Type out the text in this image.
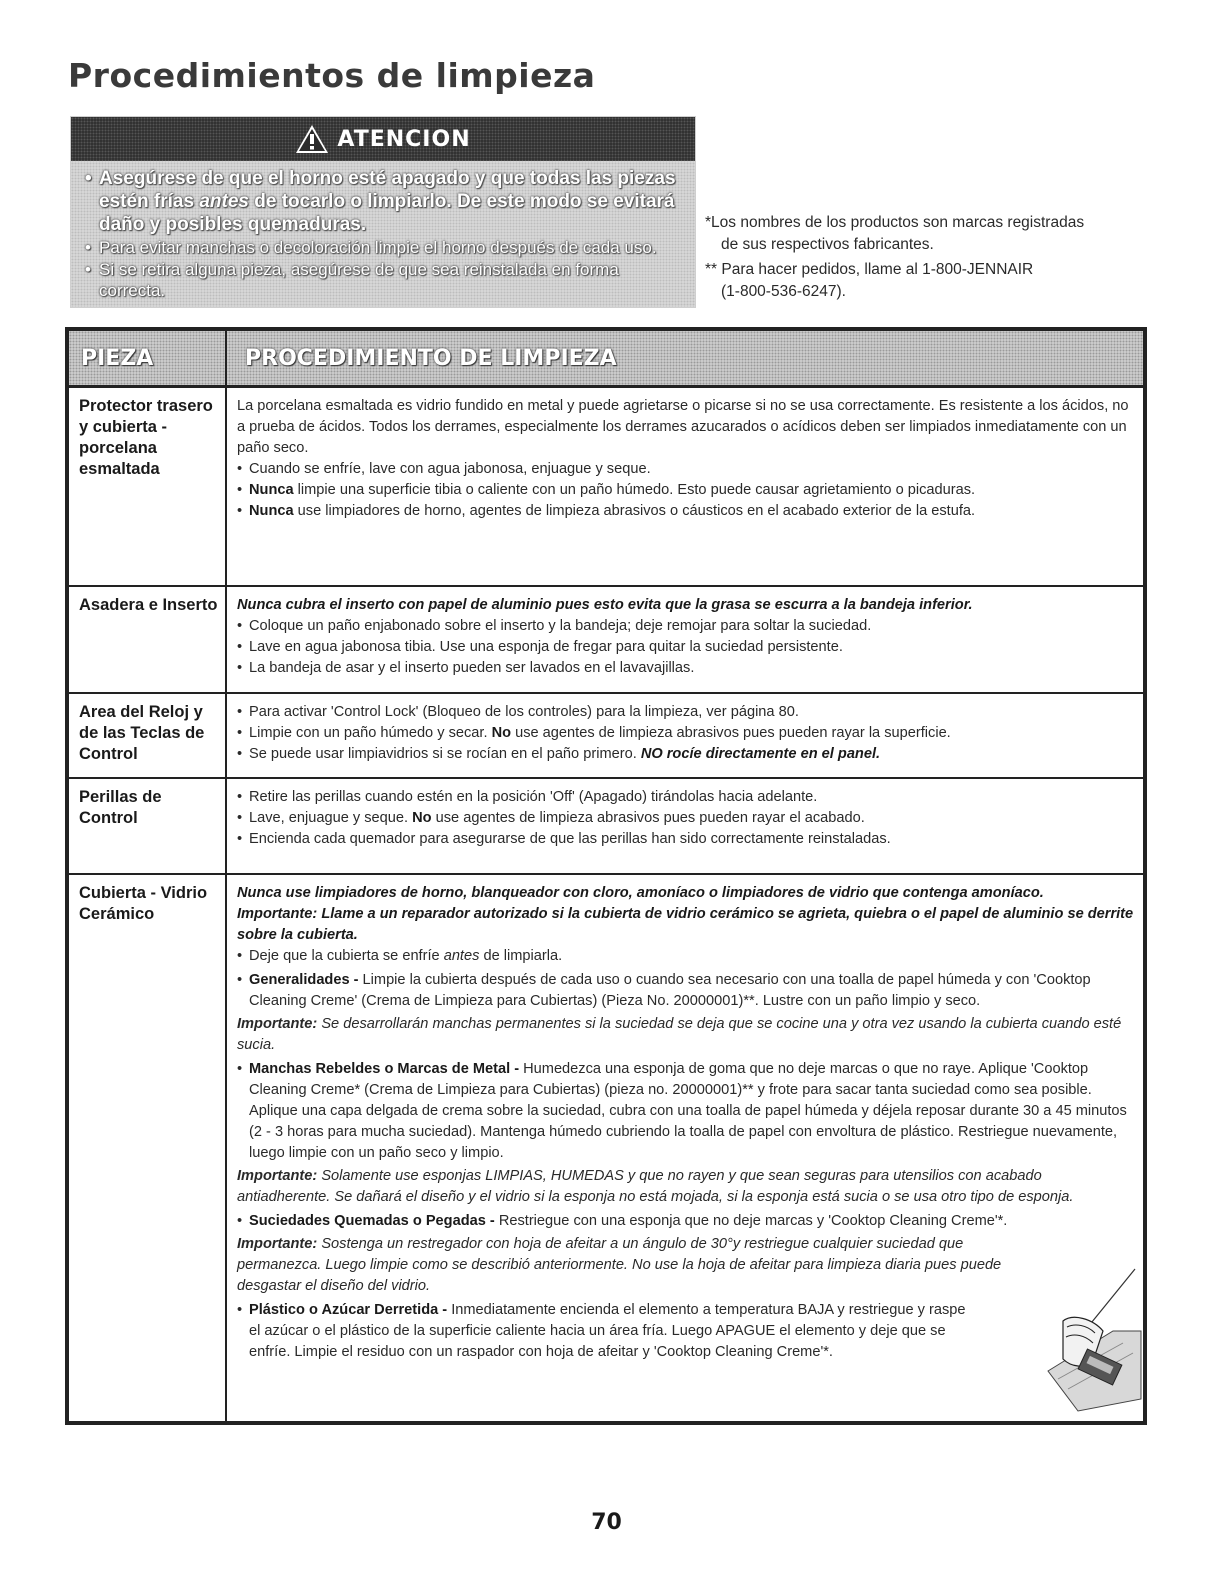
Procedimientos de limpieza
ATENCION
• Asegúrese de que el horno esté apagado y que todas las piezas estén frías antes de tocarlo o limpiarlo. De este modo se evitará daño y posibles quemaduras.
• Para evitar manchas o decoloración limpie el horno después de cada uso.
• Si se retira alguna pieza, asegúrese de que sea reinstalada en forma correcta.

*Los nombres de los productos son marcas registradas

de sus respectivos fabricantes.

** Para hacer pedidos, llame al 1-800-JENNAIR

(1-800-536-6247).

PIEZA	PROCEDIMIENTO DE LIMPIEZA
Protector trasero y cubierta - porcelana esmaltada

La porcelana esmaltada es vidrio fundido en metal y puede agrietarse o picarse si no se usa correctamente. Es resistente a los ácidos, no a prueba de ácidos. Todos los derrames, especialmente los derrames azucarados o acídicos deben ser limpiados inmediatamente con un paño seco.

• Cuando se enfríe, lave con agua jabonosa, enjuague y seque.

• Nunca limpie una superficie tibia o caliente con un paño húmedo. Esto puede causar agrietamiento o picaduras.

• Nunca use limpiadores de horno, agentes de limpieza abrasivos o cáusticos en el acabado exterior de la estufa.

Asadera e Inserto	Nunca cubra el inserto con papel de aluminio pues esto evita que la grasa se escurra a la bandeja inferior.

• Coloque un paño enjabonado sobre el inserto y la bandeja; deje remojar para soltar la suciedad.

• Lave en agua jabonosa tibia. Use una esponja de fregar para quitar la suciedad persistente.

• La bandeja de asar y el inserto pueden ser lavados en el lavavajillas.

Area del Reloj y de las Teclas de Control

• Para activar 'Control Lock' (Bloqueo de los controles) para la limpieza, ver página 80.

• Limpie con un paño húmedo y secar. No use agentes de limpieza abrasivos pues pueden rayar la superficie.

• Se puede usar limpiavidrios si se rocían en el paño primero. NO rocíe directamente en el panel.

Perillas de Control

• Retire las perillas cuando estén en la posición 'Off' (Apagado) tirándolas hacia adelante.

• Lave, enjuague y seque. No use agentes de limpieza abrasivos pues pueden rayar el acabado.

• Encienda cada quemador para asegurarse de que las perillas han sido correctamente reinstaladas.

Cubierta - Vidrio Cerámico

Nunca use limpiadores de horno, blanqueador con cloro, amoníaco o limpiadores de vidrio que contenga amoníaco.

Importante: Llame a un reparador autorizado si la cubierta de vidrio cerámico se agrieta, quiebra o el papel de aluminio se derrite sobre la cubierta.

• Deje que la cubierta se enfríe antes de limpiarla.

• Generalidades - Limpie la cubierta después de cada uso o cuando sea necesario con una toalla de papel húmeda y con 'Cooktop Cleaning Creme' (Crema de Limpieza para Cubiertas) (Pieza No. 20000001)**. Lustre con un paño limpio y seco.

Importante: Se desarrollarán manchas permanentes si la suciedad se deja que se cocine una y otra vez usando la cubierta cuando esté sucia.

• Manchas Rebeldes o Marcas de Metal - Humedezca una esponja de goma que no deje marcas o que no raye. Aplique 'Cooktop Cleaning Creme* (Crema de Limpieza para Cubiertas) (pieza no. 20000001)** y frote para sacar tanta suciedad como sea posible. Aplique una capa delgada de crema sobre la suciedad, cubra con una toalla de papel húmeda y déjela reposar durante 30 a 45 minutos (2 - 3 horas para mucha suciedad). Mantenga húmedo cubriendo la toalla de papel con envoltura de plástico. Restriegue nuevamente, luego limpie con un paño seco y limpio.

Importante: Solamente use esponjas LIMPIAS, HUMEDAS y que no rayen y que sean seguras para utensilios con acabado antiadherente. Se dañará el diseño y el vidrio si la esponja no está mojada, si la esponja está sucia o se usa otro tipo de esponja.

• Suciedades Quemadas o Pegadas - Restriegue con una esponja que no deje marcas y 'Cooktop Cleaning Creme'*.

Importante: Sostenga un restregador con hoja de afeitar a un ángulo de 30°y restriegue cualquier suciedad que permanezca. Luego limpie como se describió anteriormente. No use la hoja de afeitar para limpieza diaria pues puede desgastar el diseño del vidrio.

• Plástico o Azúcar Derretida - Inmediatamente encienda el elemento a temperatura BAJA y restriegue y raspe el azúcar o el plástico de la superficie caliente hacia un área fría. Luego APAGUE el elemento y deje que se enfríe. Limpie el residuo con un raspador con hoja de afeitar y 'Cooktop Cleaning Creme'*.

70
